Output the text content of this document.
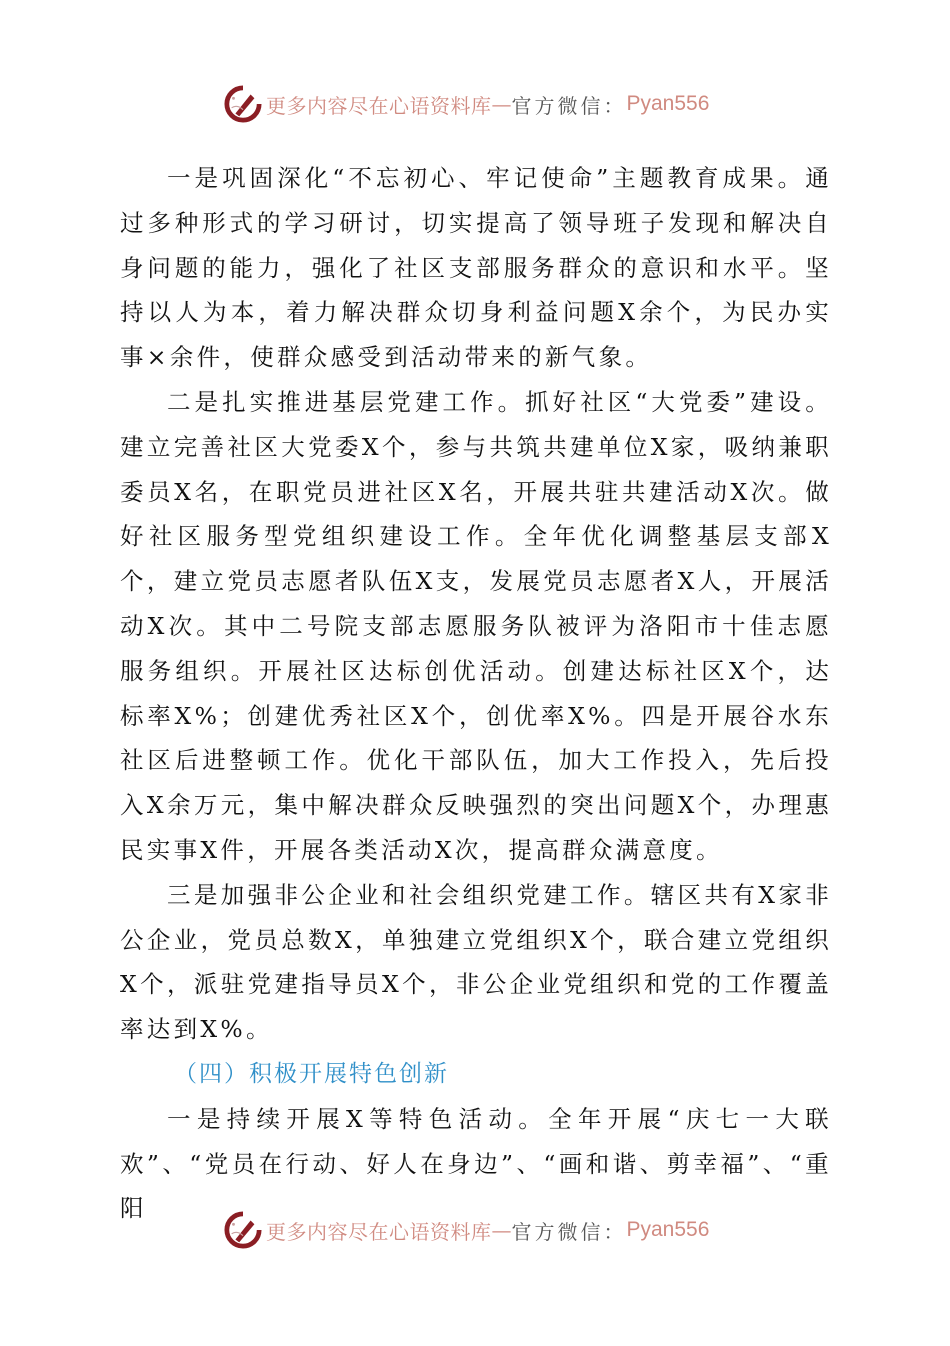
更多内容尽在心语资料库 — 官方微信： Pyan556

一是巩固深化“不忘初心、牢记使命”主题教育成果。通过多种形式的学习研讨，切实提高了领导班子发现和解决自身问题的能力，强化了社区支部服务群众的意识和水平。坚持以人为本，着力解决群众切身利益问题X余个，为民办实事×余件，使群众感受到活动带来的新气象。

二是扎实推进基层党建工作。抓好社区“大党委”建设。建立完善社区大党委X个，参与共筑共建单位X家，吸纳兼职委员X名，在职党员进社区X名，开展共驻共建活动X次。做好社区服务型党组织建设工作。全年优化调整基层支部X个，建立党员志愿者队伍X支，发展党员志愿者X人，开展活动X次。其中二号院支部志愿服务队被评为洛阳市十佳志愿服务组织。开展社区达标创优活动。创建达标社区X个，达标率X%；创建优秀社区X个，创优率X%。四是开展谷水东社区后进整顿工作。优化干部队伍，加大工作投入，先后投入X余万元，集中解决群众反映强烈的突出问题X个，办理惠民实事X件，开展各类活动X次，提高群众满意度。

三是加强非公企业和社会组织党建工作。辖区共有X家非公企业，党员总数X，单独建立党组织X个，联合建立党组织X个，派驻党建指导员X个，非公企业党组织和党的工作覆盖率达到X%。

（四）积极开展特色创新

一是持续开展X等特色活动。全年开展“庆七一大联欢”、“党员在行动、好人在身边”、“画和谐、剪幸福”、“重阳

更多内容尽在心语资料库 — 官方微信： Pyan556
